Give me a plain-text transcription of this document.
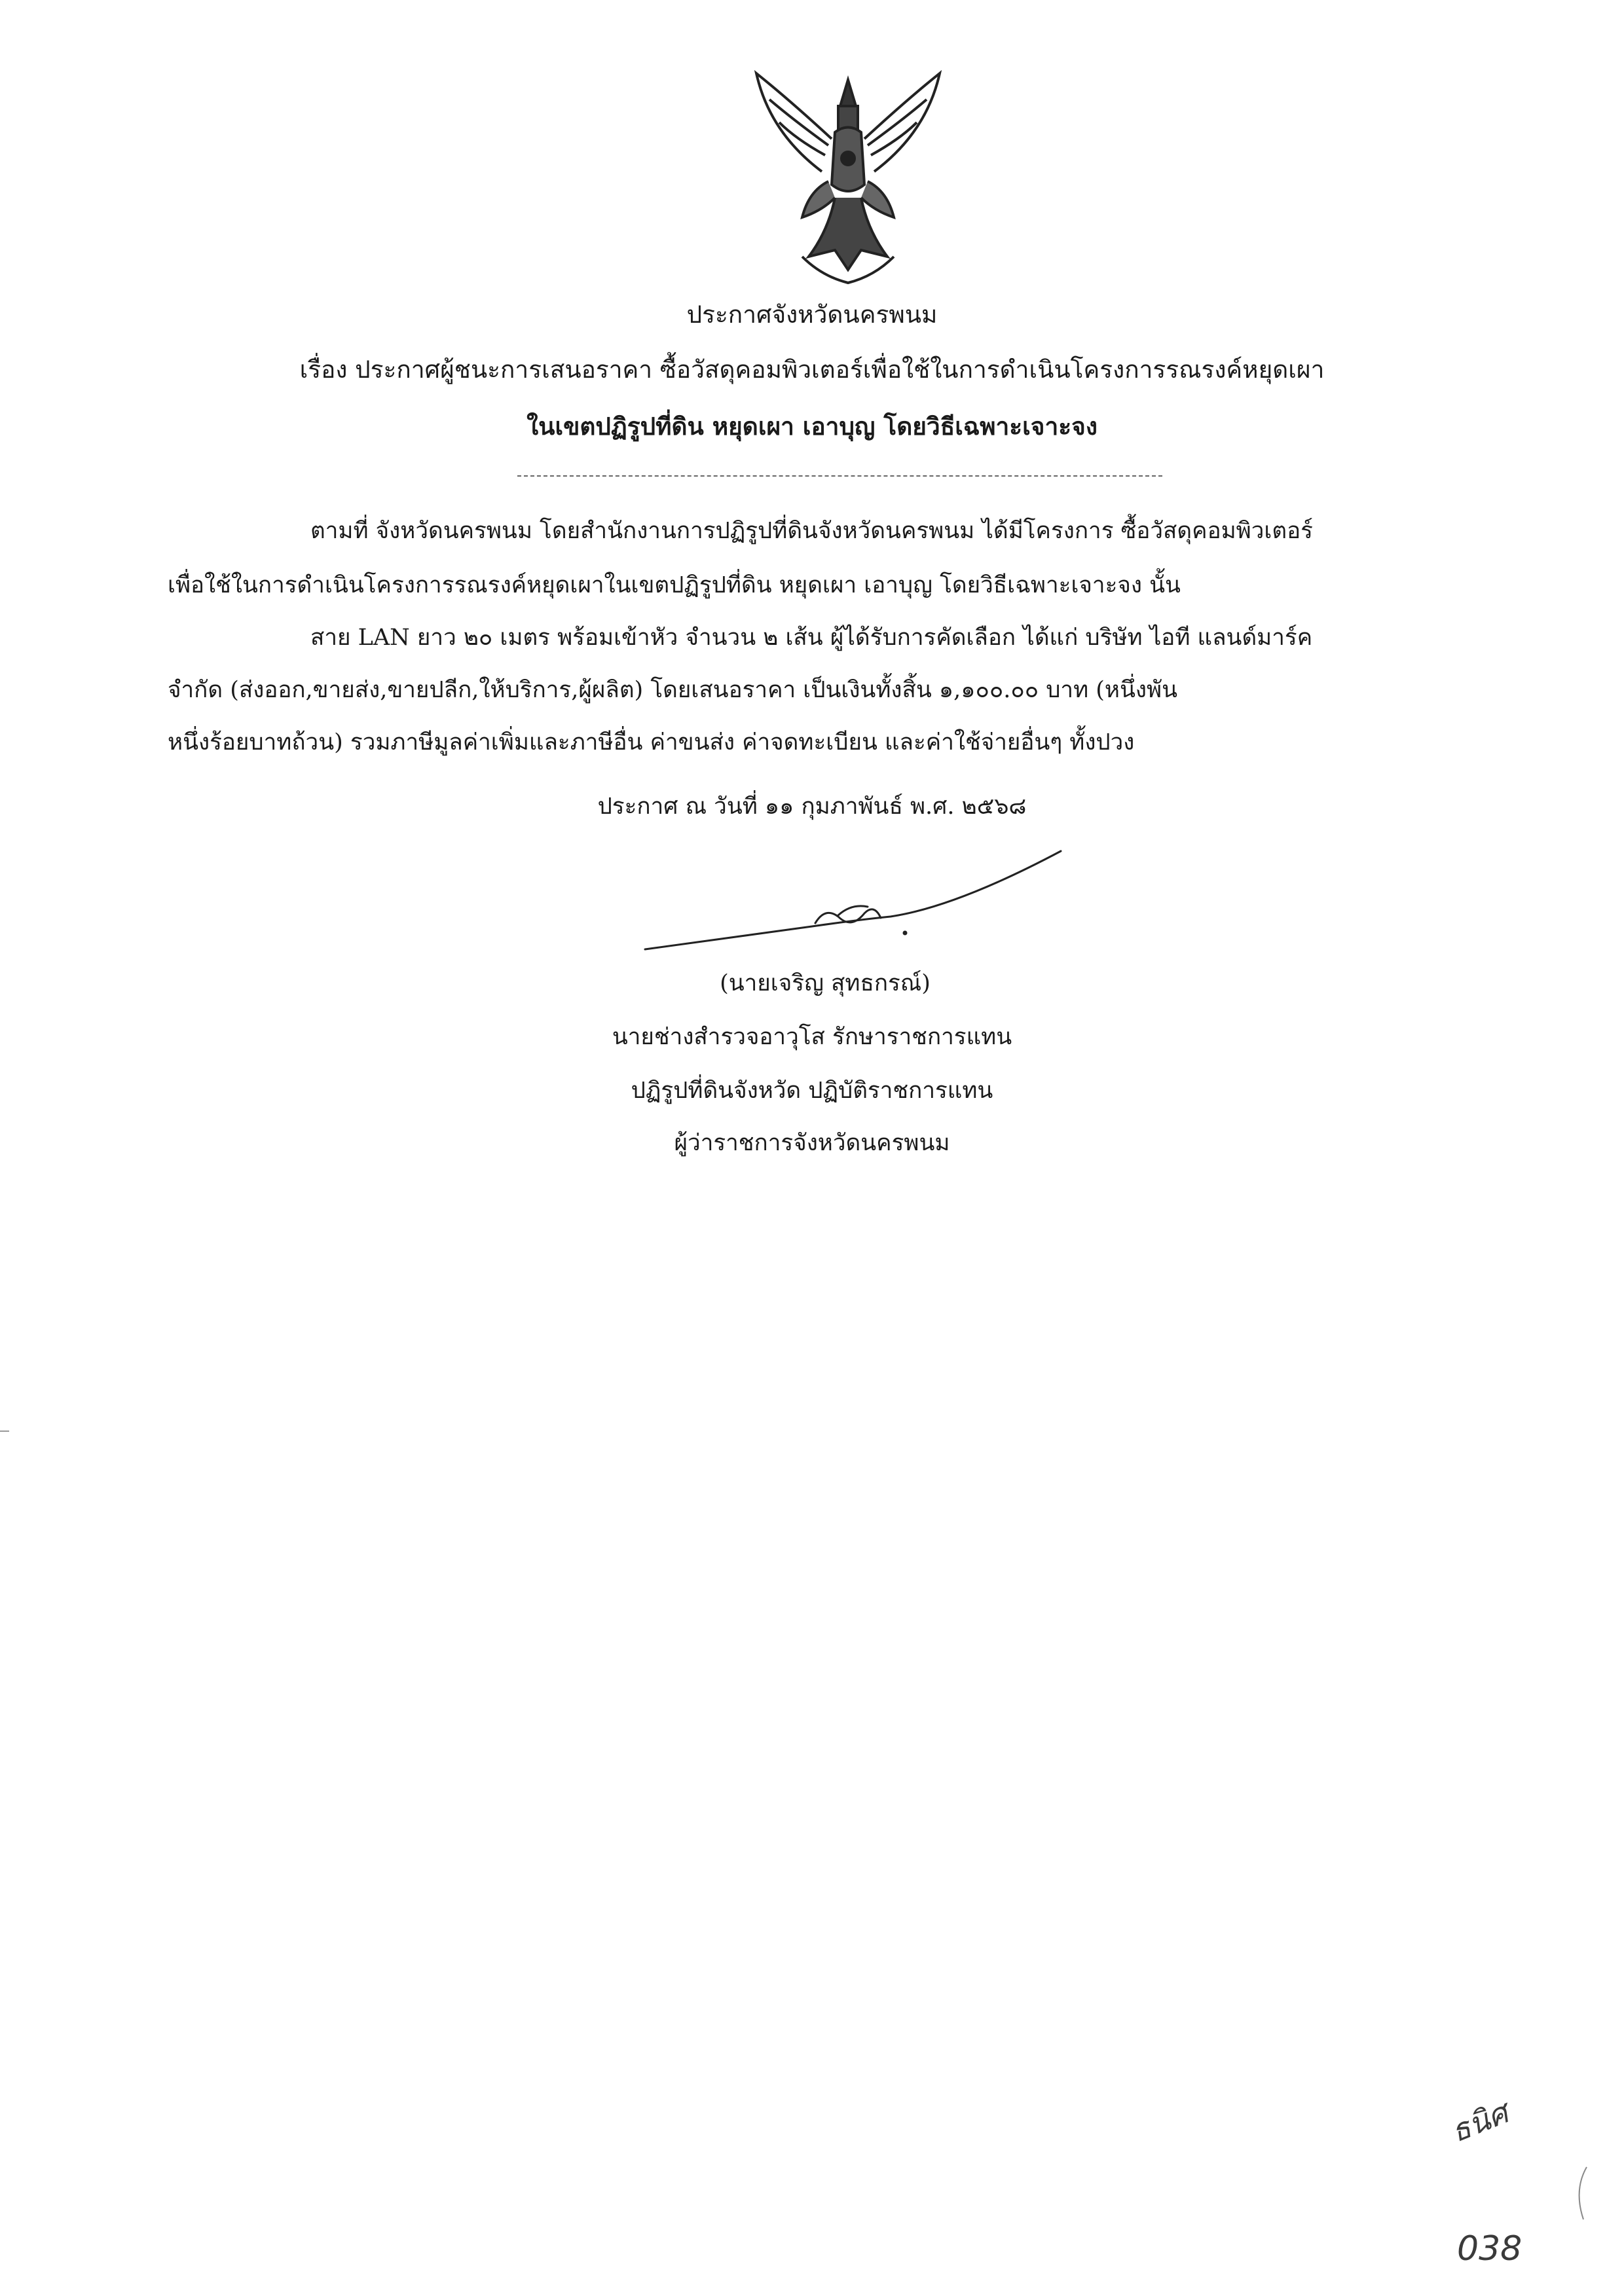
ประกาศจังหวัดนครพนม
เรื่อง ประกาศผู้ชนะการเสนอราคา ซื้อวัสดุคอมพิวเตอร์เพื่อใช้ในการดำเนินโครงการรณรงค์หยุดเผา
ในเขตปฏิรูปที่ดิน หยุดเผา เอาบุญ โดยวิธีเฉพาะเจาะจง
ตามที่ จังหวัดนครพนม โดยสำนักงานการปฏิรูปที่ดินจังหวัดนครพนม ได้มีโครงการ ซื้อวัสดุคอมพิวเตอร์
เพื่อใช้ในการดำเนินโครงการรณรงค์หยุดเผาในเขตปฏิรูปที่ดิน หยุดเผา เอาบุญ โดยวิธีเฉพาะเจาะจง นั้น
สาย LAN ยาว ๒๐ เมตร พร้อมเข้าหัว จำนวน ๒ เส้น ผู้ได้รับการคัดเลือก ได้แก่ บริษัท ไอที แลนด์มาร์ค
จำกัด (ส่งออก,ขายส่ง,ขายปลีก,ให้บริการ,ผู้ผลิต) โดยเสนอราคา เป็นเงินทั้งสิ้น ๑,๑๐๐.๐๐ บาท (หนึ่งพัน
หนึ่งร้อยบาทถ้วน) รวมภาษีมูลค่าเพิ่มและภาษีอื่น ค่าขนส่ง ค่าจดทะเบียน และค่าใช้จ่ายอื่นๆ ทั้งปวง
ประกาศ ณ วันที่ ๑๑ กุมภาพันธ์ พ.ศ. ๒๕๖๘
(นายเจริญ สุทธกรณ์)
นายช่างสำรวจอาวุโส รักษาราชการแทน
ปฏิรูปที่ดินจังหวัด ปฏิบัติราชการแทน
ผู้ว่าราชการจังหวัดนครพนม
ธนิศ
038
